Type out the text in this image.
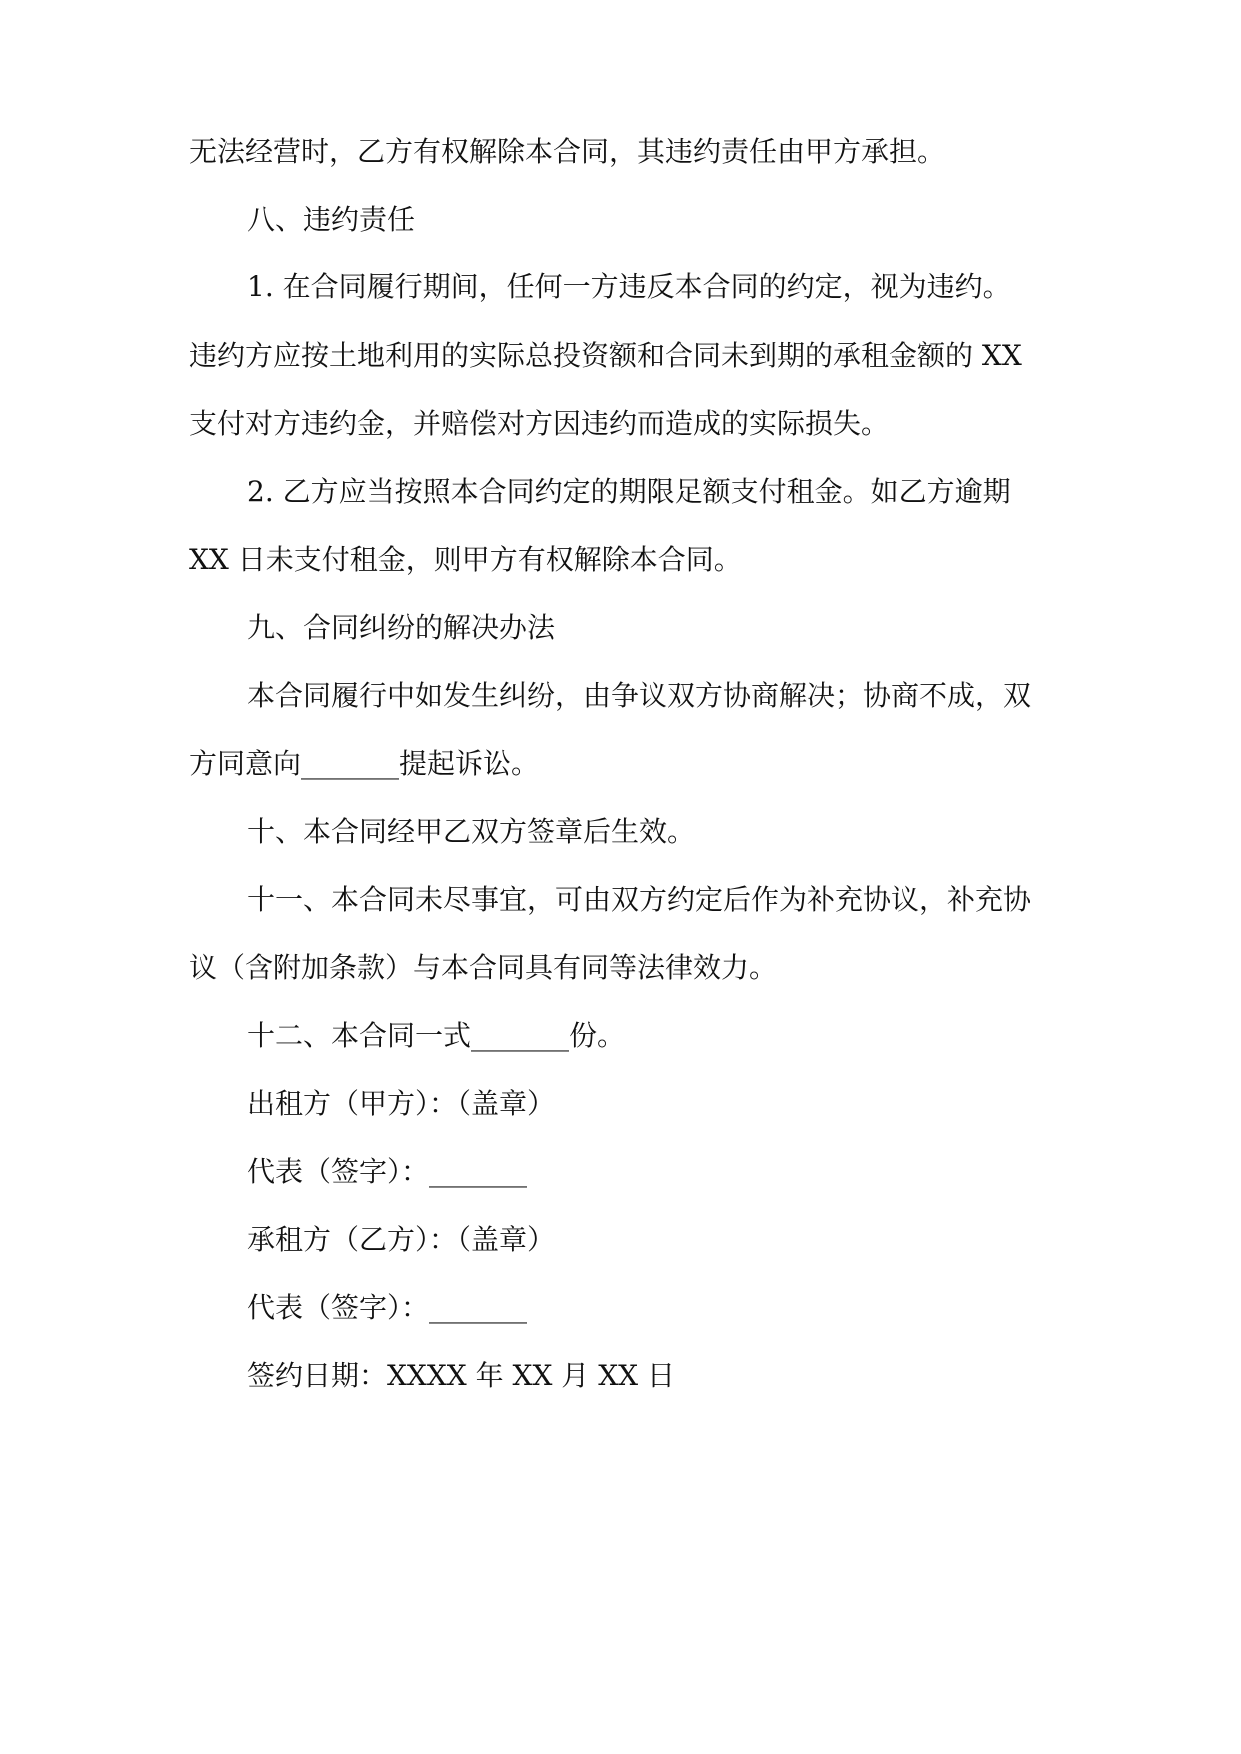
无法经营时，乙方有权解除本合同，其违约责任由甲方承担。
八、违约责任
1. 在合同履行期间，任何一方违反本合同的约定，视为违约。
违约方应按土地利用的实际总投资额和合同未到期的承租金额的 XX
支付对方违约金，并赔偿对方因违约而造成的实际损失。
2. 乙方应当按照本合同约定的期限足额支付租金。如乙方逾期
XX 日未支付租金，则甲方有权解除本合同。
九、合同纠纷的解决办法
本合同履行中如发生纠纷，由争议双方协商解决；协商不成，双
方同意向_______提起诉讼。
十、本合同经甲乙双方签章后生效。
十一、本合同未尽事宜，可由双方约定后作为补充协议，补充协
议（含附加条款）与本合同具有同等法律效力。
十二、本合同一式_______份。
出租方（甲方）：（盖章）
代表（签字）：_______
承租方（乙方）：（盖章）
代表（签字）：_______
签约日期：XXXX 年 XX 月 XX 日
